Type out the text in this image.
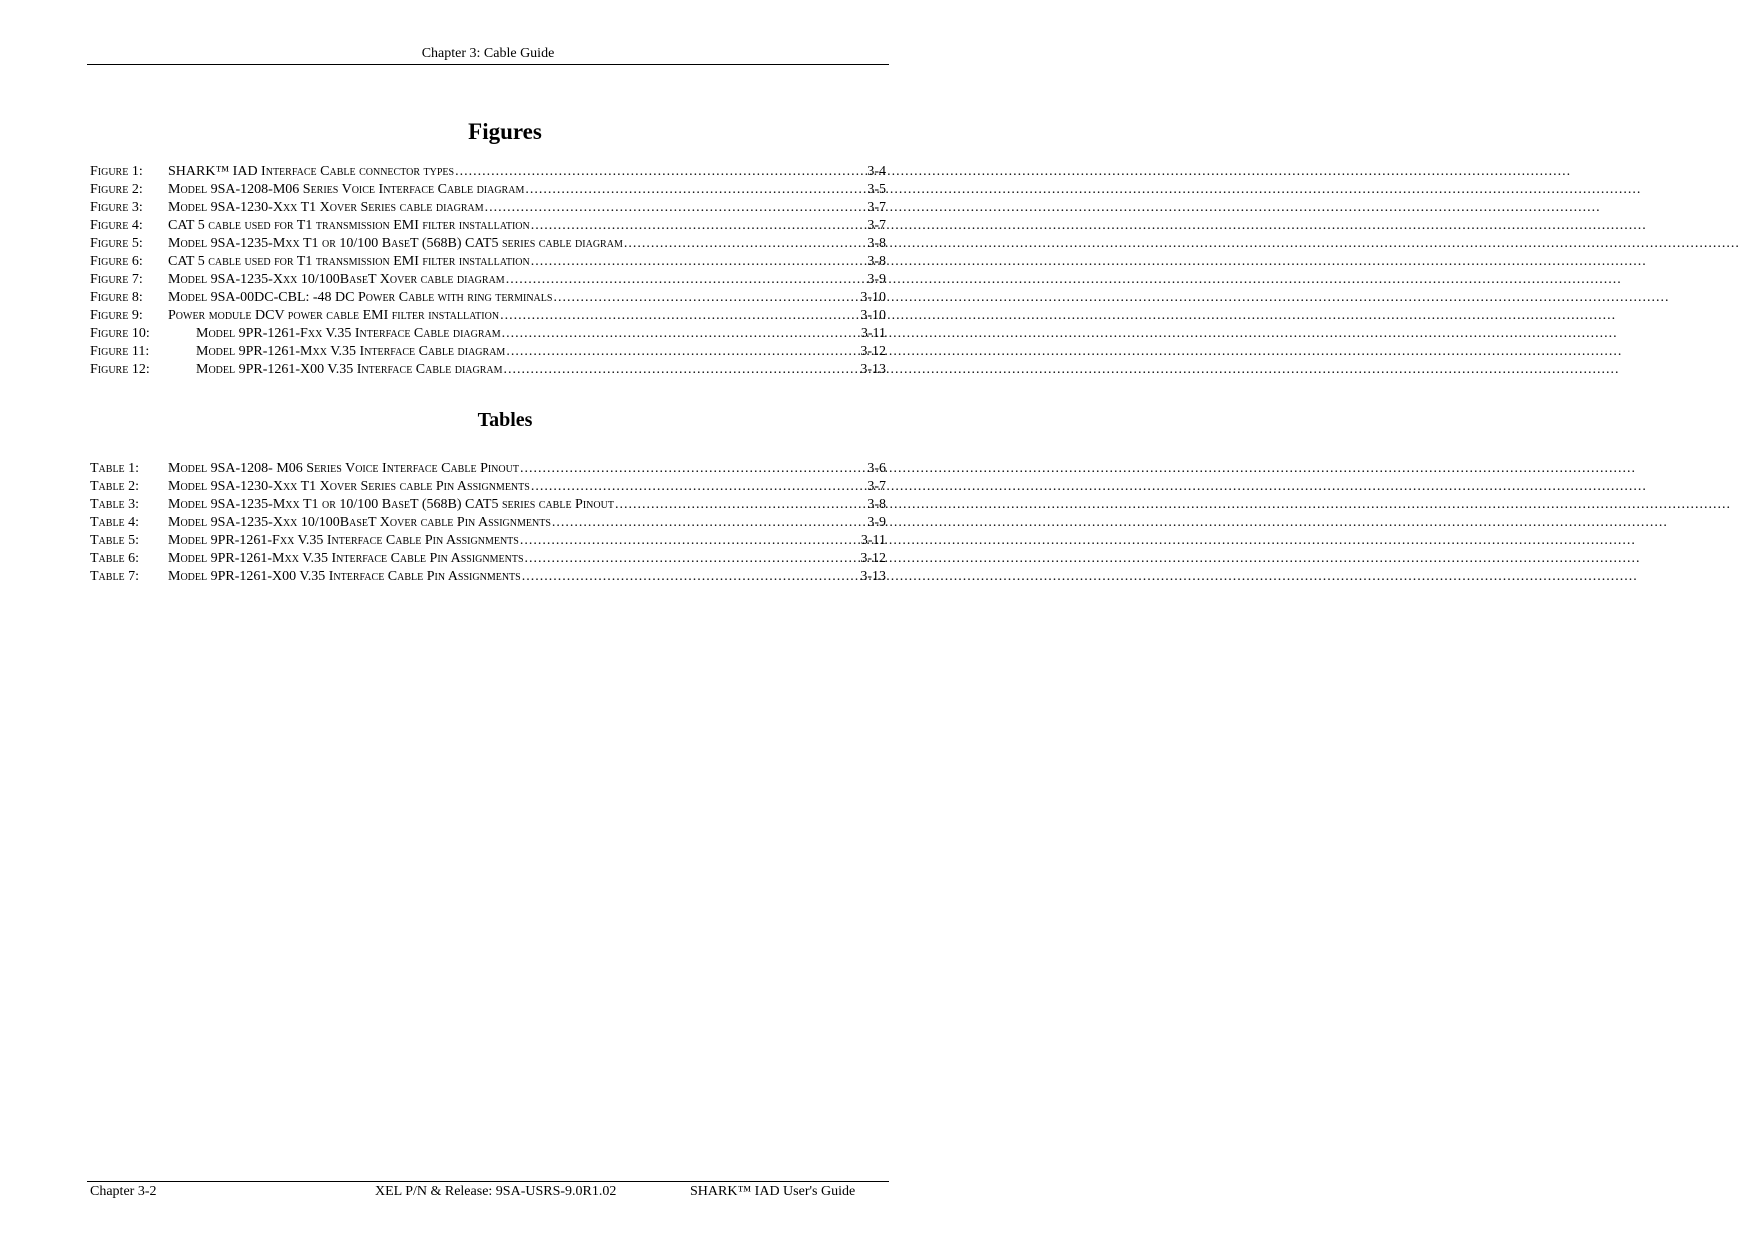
Chapter 3: Cable Guide
Figures
Figure 1:	SHARK™ IAD Interface Cable connector types .....	3-4
Figure 2:	Model 9SA-1208-M06 Series Voice Interface Cable diagram .....	3-5
Figure 3:	Model 9SA-1230-Xxx T1 Xover Series cable diagram .....	3-7
Figure 4:	CAT 5 cable used for T1 transmission EMI filter installation .....	3-7
Figure 5:	Model 9SA-1235-Mxx T1 or 10/100 BaseT (568B) CAT5 series cable diagram .....	3-8
Figure 6:	CAT 5 cable used for T1 transmission EMI filter installation .....	3-8
Figure 7:	Model 9SA-1235-Xxx 10/100BaseT Xover cable diagram .....	3-9
Figure 8:	Model 9SA-00DC-CBL: -48 DC Power Cable with ring terminals .....	3-10
Figure 9:	Power module DCV power cable EMI filter installation .....	3-10
Figure 10:	Model 9PR-1261-Fxx V.35 Interface Cable diagram .....	3-11
Figure 11:	Model 9PR-1261-Mxx V.35 Interface Cable diagram .....	3-12
Figure 12:	Model 9PR-1261-X00 V.35 Interface Cable diagram .....	3-13
Tables
Table 1:	Model 9SA-1208- M06 Series Voice Interface Cable Pinout .....	3-6
Table 2:	Model 9SA-1230-Xxx T1 Xover Series cable Pin Assignments .....	3-7
Table 3:	Model 9SA-1235-Mxx T1 or 10/100 BaseT (568B) CAT5 series cable Pinout .....	3-8
Table 4:	Model 9SA-1235-Xxx 10/100BaseT Xover cable Pin Assignments .....	3-9
Table 5:	Model 9PR-1261-Fxx V.35 Interface Cable Pin Assignments .....	3-11
Table 6:	Model 9PR-1261-Mxx V.35 Interface Cable Pin Assignments .....	3-12
Table 7:	Model 9PR-1261-X00 V.35 Interface Cable Pin Assignments .....	3-13
Chapter 3-2	XEL P/N & Release: 9SA-USRS-9.0R1.02	SHARK™ IAD User's Guide
